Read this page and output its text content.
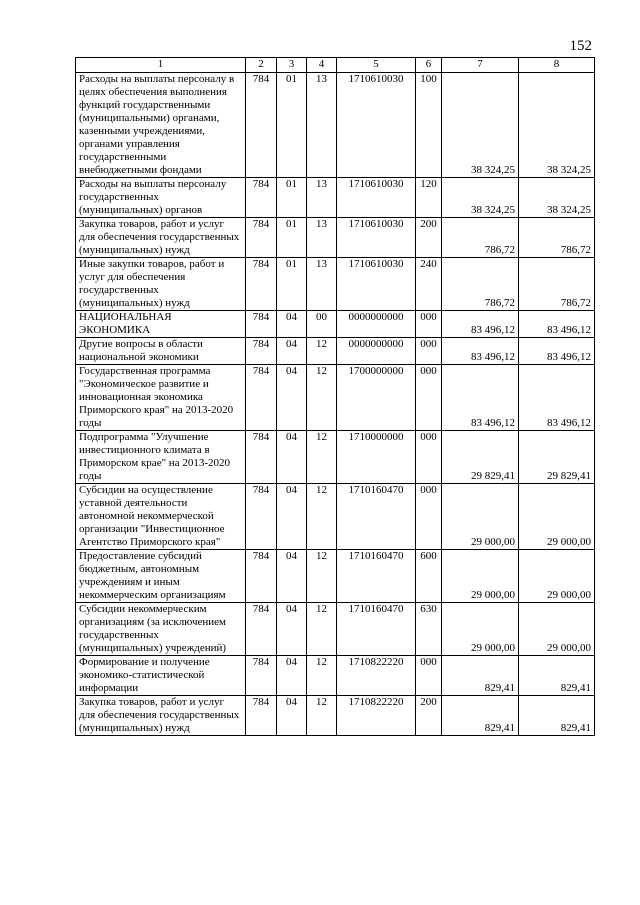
152
1	2	3	4	5	6	7	8
Расходы на выплаты персоналу в целях обеспечения выполнения функций государственными (муниципальными) органами, казенными учреждениями, органами управления государственными внебюджетными фондами	784	01	13	1710610030	100	38 324,25	38 324,25
Расходы на выплаты персоналу государственных (муниципальных) органов	784	01	13	1710610030	120	38 324,25	38 324,25
Закупка товаров, работ и услуг для обеспечения государственных (муниципальных) нужд	784	01	13	1710610030	200	786,72	786,72
Иные закупки товаров, работ и услуг для обеспечения государственных (муниципальных) нужд	784	01	13	1710610030	240	786,72	786,72
НАЦИОНАЛЬНАЯ ЭКОНОМИКА	784	04	00	0000000000	000	83 496,12	83 496,12
Другие вопросы в области национальной экономики	784	04	12	0000000000	000	83 496,12	83 496,12
Государственная программа "Экономическое развитие и инновационная экономика Приморского края" на 2013-2020 годы	784	04	12	1700000000	000	83 496,12	83 496,12
Подпрограмма "Улучшение инвестиционного климата в Приморском крае" на 2013-2020 годы	784	04	12	1710000000	000	29 829,41	29 829,41
Субсидии на осуществление уставной деятельности автономной некоммерческой организации "Инвестиционное Агентство Приморского края"	784	04	12	1710160470	000	29 000,00	29 000,00
Предоставление субсидий бюджетным, автономным учреждениям и иным некоммерческим организациям	784	04	12	1710160470	600	29 000,00	29 000,00
Субсидии некоммерческим организациям (за исключением государственных (муниципальных) учреждений)	784	04	12	1710160470	630	29 000,00	29 000,00
Формирование и получение экономико-статистической информации	784	04	12	1710822220	000	829,41	829,41
Закупка товаров, работ и услуг для обеспечения государственных (муниципальных) нужд	784	04	12	1710822220	200	829,41	829,41
